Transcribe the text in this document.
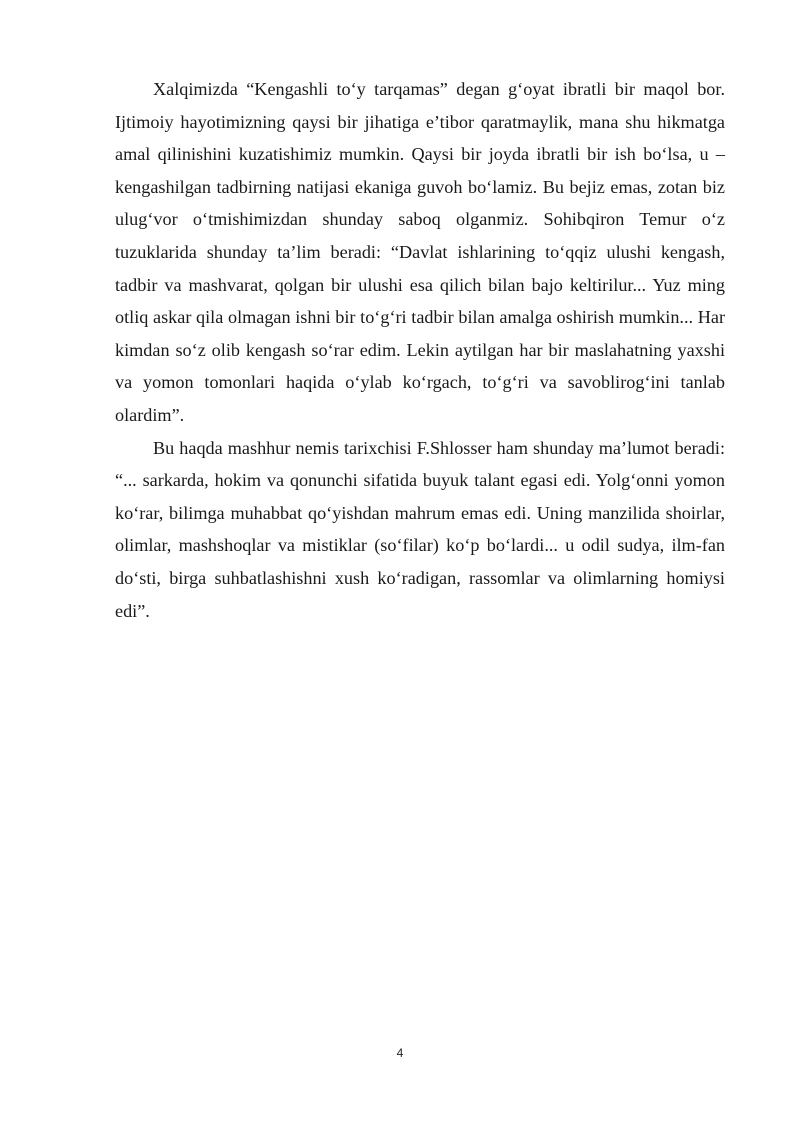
Xalqimizda “Kengashli to‘y tarqamas” degan g‘oyat ibratli bir maqol bor. Ijtimoiy hayotimizning qaysi bir jihatiga e’tibor qaratmaylik, mana shu hikmatga amal qilinishini kuzatishimiz mumkin. Qaysi bir joyda ibratli bir ish bo‘lsa, u – kengashilgan tadbirning natijasi ekaniga guvoh bo‘lamiz. Bu bejiz emas, zotan biz ulug‘vor o‘tmishimizdan shunday saboq olganmiz. Sohibqiron Temur o‘z tuzuklarida shunday ta’lim beradi: “Davlat ishlarining to‘qqiz ulushi kengash, tadbir va mashvarat, qolgan bir ulushi esa qilich bilan bajo keltirilur... Yuz ming otliq askar qila olmagan ishni bir to‘g‘ri tadbir bilan amalga oshirish mumkin... Har kimdan so‘z olib kengash so‘rar edim. Lekin aytilgan har bir maslahatning yaxshi va yomon tomonlari haqida o‘ylab ko‘rgach, to‘g‘ri va savoblirog‘ini tanlab olardim”.

Bu haqda mashhur nemis tarixchisi F.Shlosser ham shunday ma’lumot beradi: “... sarkarda, hokim va qonunchi sifatida buyuk talant egasi edi. Yolg‘onni yomon ko‘rar, bilimga muhabbat qo‘yishdan mahrum emas edi. Uning manzilida shoirlar, olimlar, mashshoqlar va mistiklar (so‘filar) ko‘p bo‘lardi... u odil sudya, ilm-fan do‘sti, birga suhbatlashishni xush ko‘radigan, rassomlar va olimlarning homiysi edi”.

4
